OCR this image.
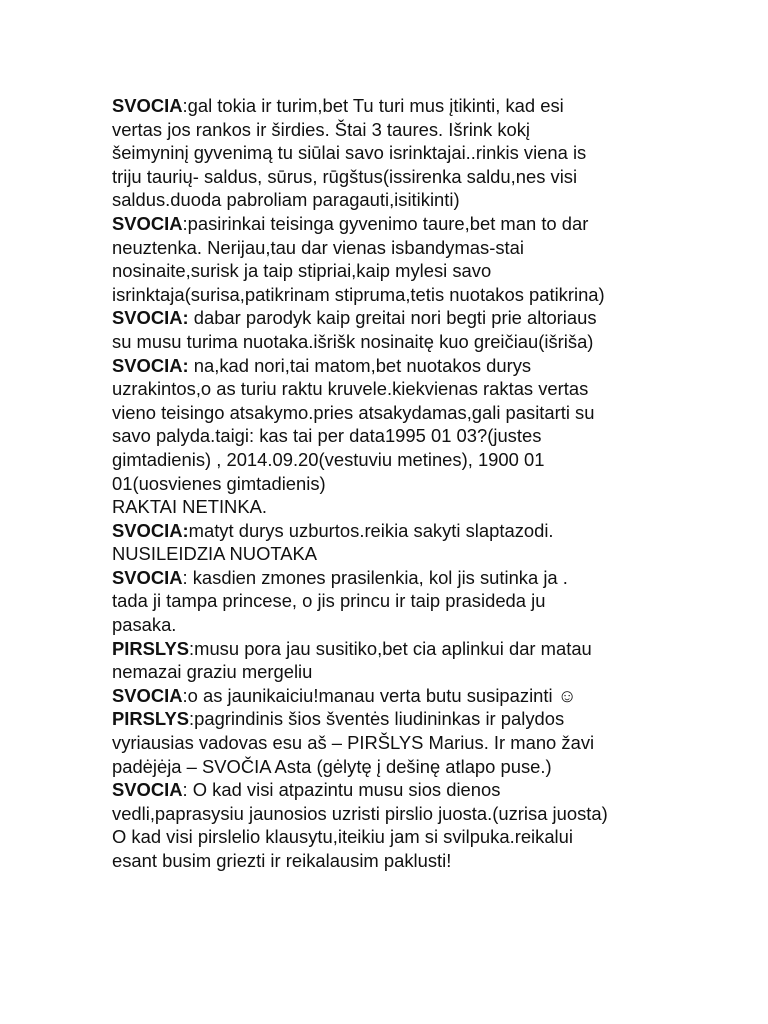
SVOCIA:gal tokia ir turim,bet Tu turi mus įtikinti, kad esi
vertas jos rankos ir širdies. Štai 3 taures. Išrink kokį
šeimyninį gyvenimą tu siūlai savo isrinktajai..rinkis viena is
triju taurių- saldus, sūrus, rūgštus(issirenka saldu,nes visi
saldus.duoda pabroliam paragauti,isitikinti)
SVOCIA:pasirinkai teisinga gyvenimo taure,bet man to dar
neuztenka. Nerijau,tau dar vienas isbandymas-stai
nosinaite,surisk ja taip stipriai,kaip mylesi savo
isrinktaja(surisa,patikrinam stipruma,tetis nuotakos patikrina)
SVOCIA: dabar parodyk kaip greitai nori begti prie altoriaus
su musu turima nuotaka.išrišk nosinaitę kuo greičiau(išriša)
SVOCIA: na,kad nori,tai matom,bet nuotakos durys
uzrakintos,o as turiu raktu kruvele.kiekvienas raktas vertas
vieno teisingo atsakymo.pries atsakydamas,gali pasitarti su
savo palyda.taigi: kas tai per data1995 01 03?(justes
gimtadienis) , 2014.09.20(vestuviu metines), 1900 01
01(uosvienes gimtadienis)
RAKTAI NETINKA.
SVOCIA:matyt durys uzburtos.reikia sakyti slaptazodi.
NUSILEIDZIA NUOTAKA
SVOCIA: kasdien zmones prasilenkia, kol jis sutinka ja .
tada ji tampa princese, o jis princu ir taip prasideda ju
pasaka.
PIRSLYS:musu pora jau susitiko,bet cia aplinkui dar matau
nemazai graziu mergeliu
SVOCIA:o as jaunikaiciu!manau verta butu susipazinti ☺
PIRSLYS:pagrindinis šios šventės liudininkas ir palydos
vyriausias vadovas esu aš – PIRŠLYS Marius. Ir mano žavi
padėjėja – SVOČIA Asta (gėlytę į dešinę atlapo puse.)
SVOCIA: O kad visi atpazintu musu sios dienos
vedli,paprasysiu jaunosios uzristi pirslio juosta.(uzrisa juosta)
O kad visi pirslelio klausytu,iteikiu jam si svilpuka.reikalui
esant busim griezti ir reikalausim paklusti!
